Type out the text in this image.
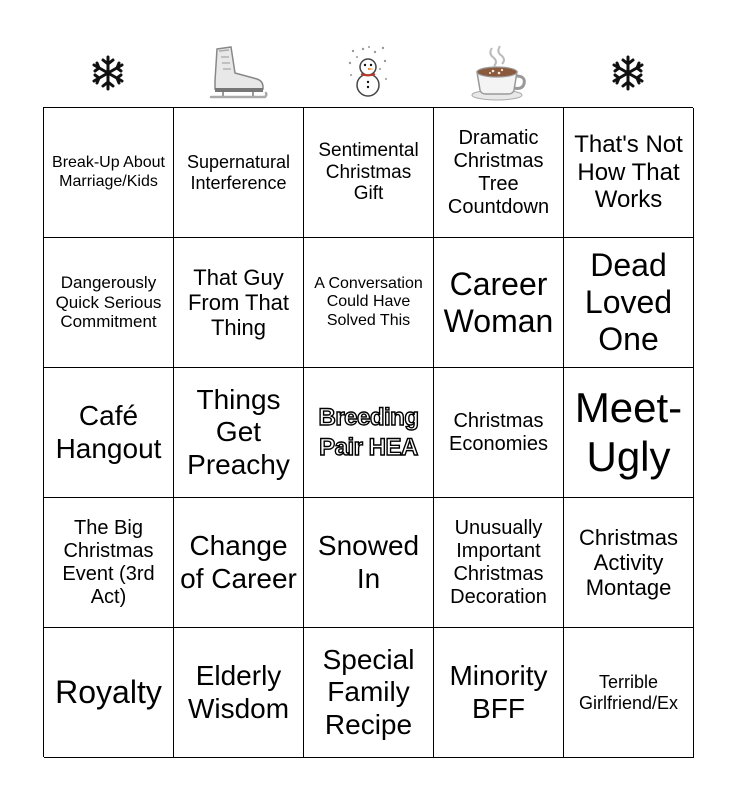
Break-Up About Marriage/Kids
Supernatural Interference
Sentimental Christmas Gift
Dramatic Christmas Tree Countdown
That's Not How That Works
Dangerously Quick Serious Commitment
That Guy From That Thing
A Conversation Could Have Solved This
Career Woman
Dead Loved One
Café Hangout
Things Get Preachy
Breeding Pair HEA
Christmas Economies
Meet-Ugly
The Big Christmas Event (3rd Act)
Change of Career
Snowed In
Unusually Important Christmas Decoration
Christmas Activity Montage
Royalty	Elderly Wisdom
Special Family Recipe
Minority BFF
Terrible Girlfriend/Ex
